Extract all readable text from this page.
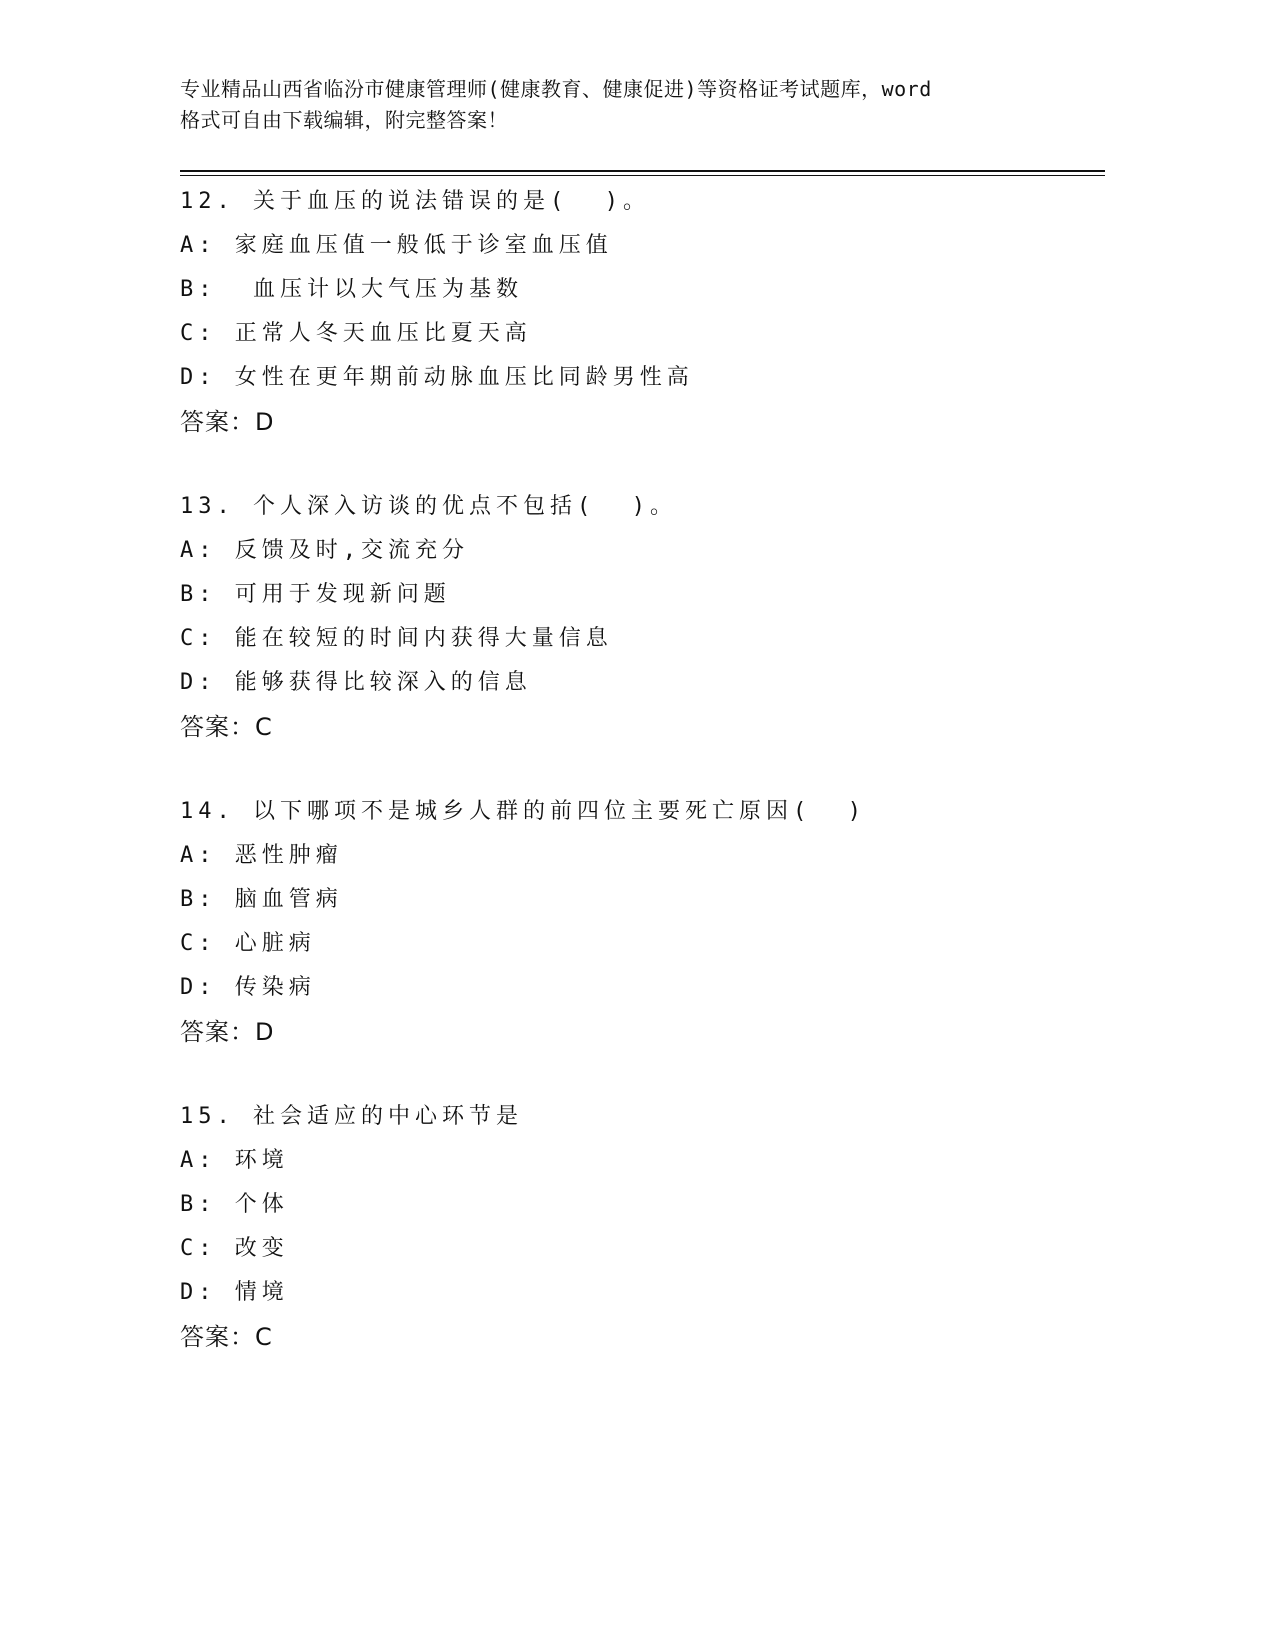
专业精品山西省临汾市健康管理师(健康教育、健康促进)等资格证考试题库，word
格式可自由下载编辑，附完整答案！
12. 关于血压的说法错误的是(  )。
A: 家庭血压值一般低于诊室血压值
B:  血压计以大气压为基数
C: 正常人冬天血压比夏天高
D: 女性在更年期前动脉血压比同龄男性高
答案：D
13. 个人深入访谈的优点不包括(  )。
A: 反馈及时,交流充分
B: 可用于发现新问题
C: 能在较短的时间内获得大量信息
D: 能够获得比较深入的信息
答案：C
14. 以下哪项不是城乡人群的前四位主要死亡原因(  )
A: 恶性肿瘤
B: 脑血管病
C: 心脏病
D: 传染病
答案：D
15. 社会适应的中心环节是
A: 环境
B: 个体
C: 改变
D: 情境
答案：C
